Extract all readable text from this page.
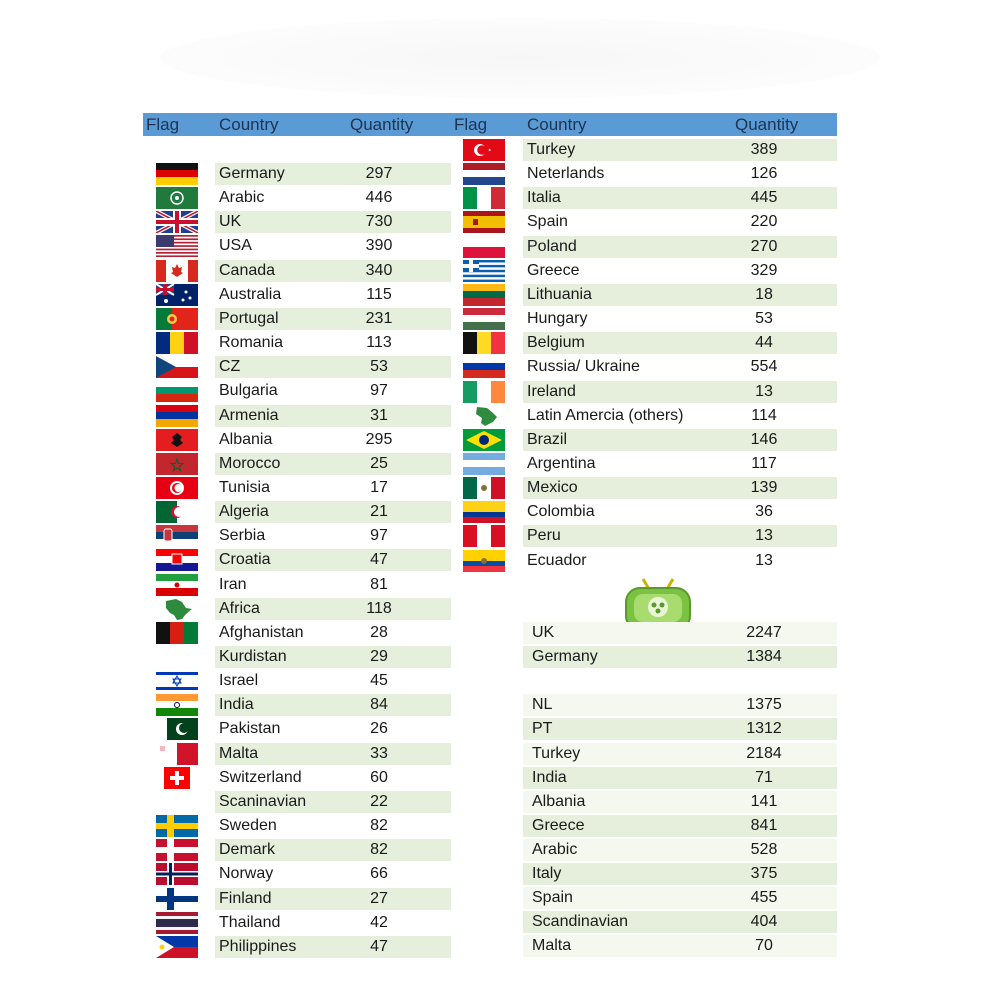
Flag Country	Quantity Flag Country	Quantity
Germany	297
Arabic	446
UK	730
USA	390
Canada	340
Australia	115
Portugal	231
Romania	113
CZ	53
Bulgaria	97
Armenia	31
Albania	295
Morocco	25
Tunisia	17
Algeria	21
Serbia	97
Croatia	47
Iran	81
Africa	118
Afghanistan	28
Kurdistan	29
Israel	45
India	84
Pakistan	26
Malta	33
Switzerland	60
Scaninavian	22
Sweden	82
Demark	82
Norway	66
Finland	27
Thailand	42
Philippines	47
Turkey	389
Neterlands	126
Italia	445
Spain	220
Poland	270
Greece	329
Lithuania	18
Hungary	53
Belgium	44
Russia/ Ukraine	554
Ireland	13
Latin Amercia (others)	114
Brazil	146
Argentina	117
Mexico	139
Colombia	36
Peru	13
Ecuador	13
UK	2247
Germany	1384
NL	1375
PT	1312
Turkey	2184
India	71
Albania	141
Greece	841
Arabic	528
Italy	375
Spain	455
Scandinavian	404
Malta	70
